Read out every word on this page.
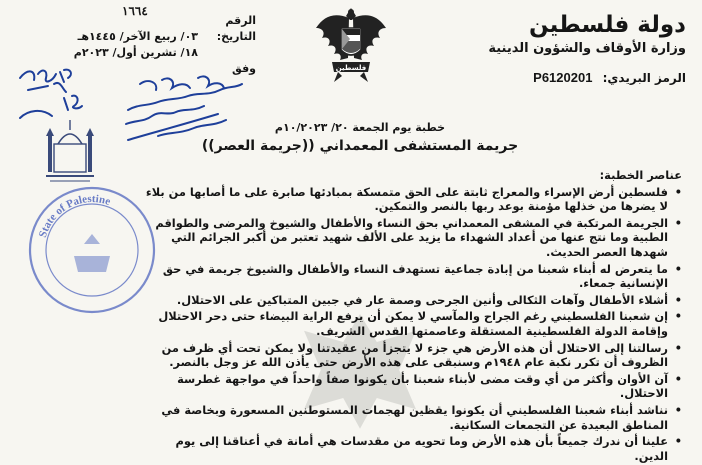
دولة فلسطين
وزارة الأوقاف والشؤون الدينية
الرمز البريدي: P6120201
فلسطين
١٦٦٤
الرقم
التاريخ:
٠٣/ ربيع الآخر/ ١٤٤٥هـ
١٨/ تشرين أول/ ٢٠٢٣م
وفق
State of Palestine
خطبة يوم الجمعة ٢٠/ ١٠/٢٠٢٣م
جريمة المستشفى المعمداني ((جريمة العصر))
عناصر الخطبة:
•
فلسطين أرض الإسراء والمعراج ثابتة على الحق متمسكة بمبادئها صابرة على ما أصابها من بلاء لا يضرها من خذلها مؤمنة بوعد ربها بالنصر والتمكين.
•
الجريمة المرتكبة في المشفى المعمداني بحق النساء والأطفال والشيوخ والمرضى والطواقم الطبية وما نتج عنها من أعداد الشهداء ما يزيد على الألف شهيد تعتبر من أكبر الجرائم التي شهدها العصر الحديث.
•
ما يتعرض له أبناء شعبنا من إبادة جماعية تستهدف النساء والأطفال والشيوخ جريمة في حق الإنسانية جمعاء.
•
أشلاء الأطفال وآهات الثكالى وأنين الجرحى وصمة عار في جبين المتباكين على الاحتلال.
•
إن شعبنا الفلسطيني رغم الجراح والمآسي لا يمكن أن يرفع الراية البيضاء حتى دحر الاحتلال وإقامة الدولة الفلسطينية المستقلة وعاصمتها القدس الشريف.
•
رسالتنا إلى الاحتلال أن هذه الأرض هي جزء لا يتجزأ من عقيدتنا ولا يمكن تحت أي ظرف من الظروف أن تكرر نكبة عام ١٩٤٨م وسنبقى على هذه الأرض حتى يأذن الله عز وجل بالنصر.
•
آن الأوان وأكثر من أي وقت مضى لأبناء شعبنا بأن يكونوا صفاً واحداً في مواجهة غطرسة الاحتلال.
•
نناشد أبناء شعبنا الفلسطيني أن يكونوا يقظين لهجمات المستوطنين المسعورة وبخاصة في المناطق البعيدة عن التجمعات السكانية.
•
علينا أن ندرك جميعاً بأن هذه الأرض وما تحويه من مقدسات هي أمانة في أعناقنا إلى يوم الدين.
